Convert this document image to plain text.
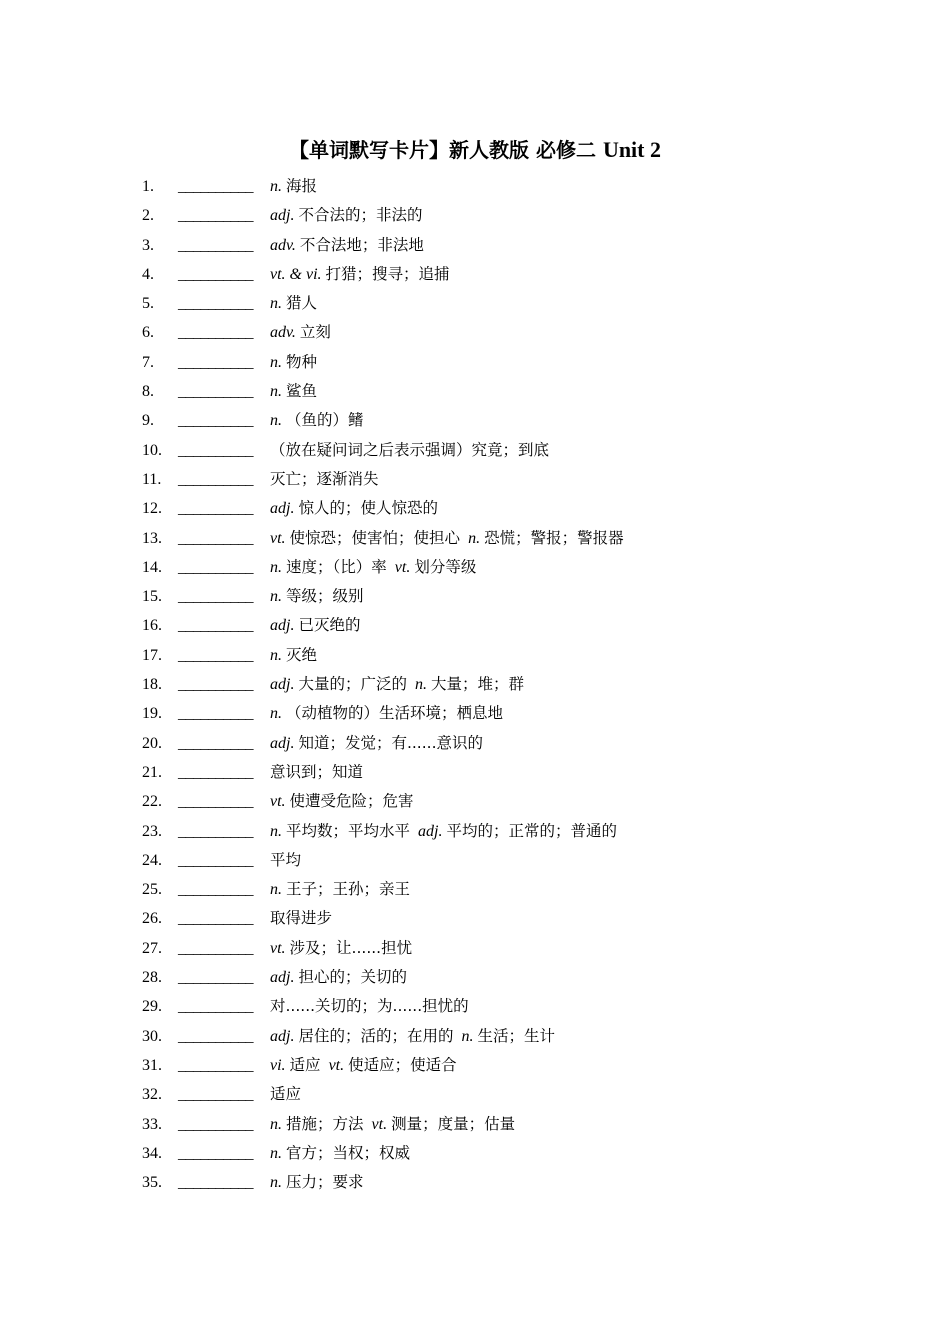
【单词默写卡片】新人教版 必修二 Unit 2
1. __________ n. 海报
2. __________ adj. 不合法的；非法的
3. __________ adv. 不合法地；非法地
4. __________ vt. & vi. 打猎；搜寻；追捕
5. __________ n. 猎人
6. __________ adv. 立刻
7. __________ n. 物种
8. __________ n. 鲨鱼
9. __________ n. （鱼的）鳍
10. __________ （放在疑问词之后表示强调）究竟；到底
11. __________ 灭亡；逐渐消失
12. __________ adj. 惊人的；使人惊恐的
13. __________ vt. 使惊恐；使害怕；使担心 n. 恐慌；警报；警报器
14. __________ n. 速度；（比）率 vt. 划分等级
15. __________ n. 等级；级别
16. __________ adj. 已灭绝的
17. __________ n. 灭绝
18. __________ adj. 大量的；广泛的 n. 大量；堆；群
19. __________ n. （动植物的）生活环境；栖息地
20. __________ adj. 知道；发觉；有......意识的
21. __________ 意识到；知道
22. __________ vt. 使遭受危险；危害
23. __________ n. 平均数；平均水平 adj. 平均的；正常的；普通的
24. __________ 平均
25. __________ n. 王子；王孙；亲王
26. __________ 取得进步
27. __________ vt. 涉及；让......担忧
28. __________ adj. 担心的；关切的
29. __________ 对......关切的；为......担忧的
30. __________ adj. 居住的；活的；在用的 n. 生活；生计
31. __________ vi. 适应 vt. 使适应；使适合
32. __________ 适应
33. __________ n. 措施；方法 vt. 测量；度量；估量
34. __________ n. 官方；当权；权威
35. __________ n. 压力；要求
